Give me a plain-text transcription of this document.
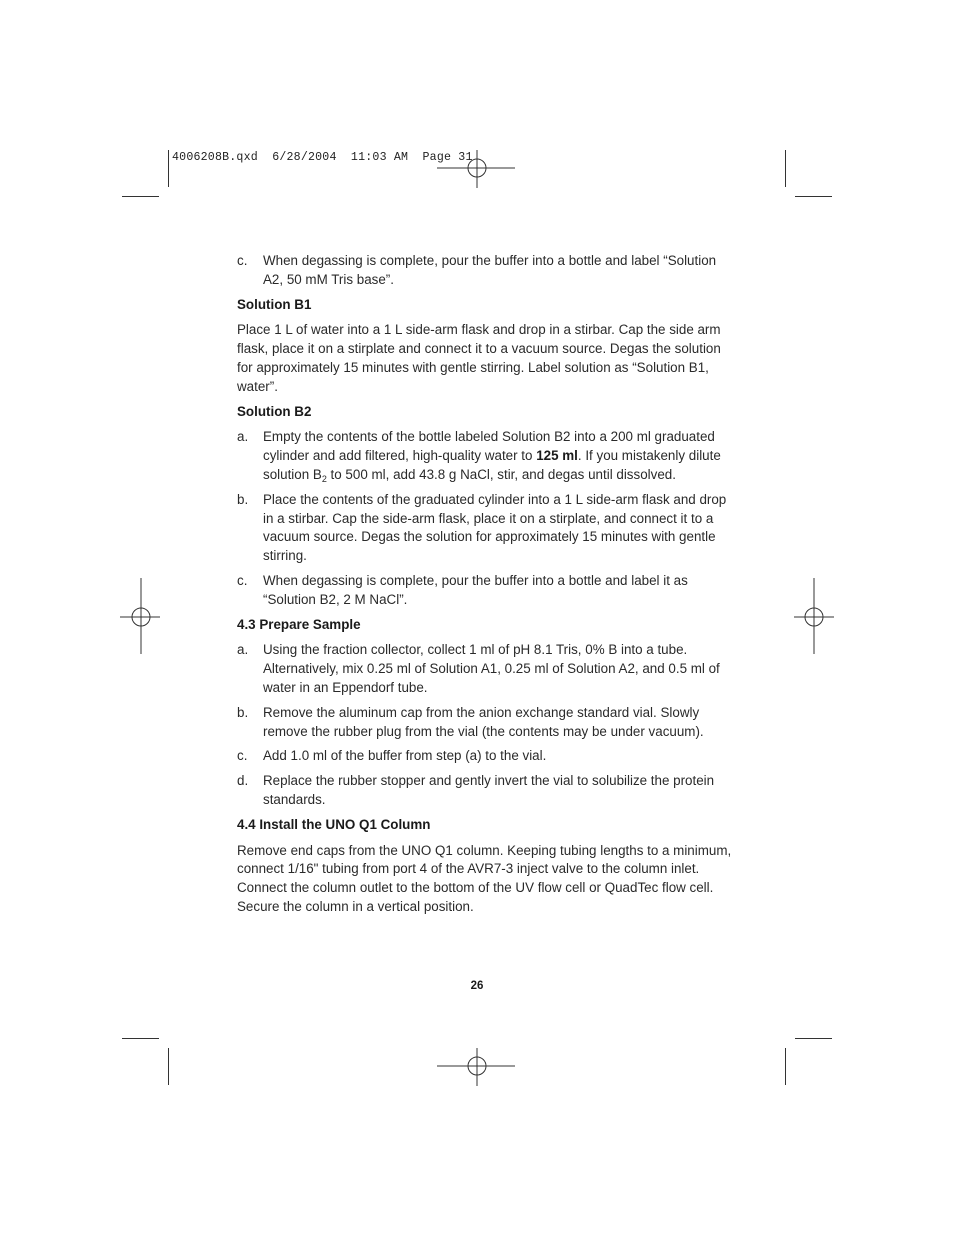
4006208B.qxd  6/28/2004  11:03 AM  Page 31
c.	When degassing is complete, pour the buffer into a bottle and label “Solution A2, 50 mM Tris base”.
Solution B1

Place 1 L of water into a 1 L side-arm flask and drop in a stirbar. Cap the side arm flask, place it on a stirplate and connect it to a vacuum source. Degas the solution for approximately 15 minutes with gentle stirring. Label solution as “Solution B1, water”.

Solution B2
a.	Empty the contents of the bottle labeled Solution B2 into a 200 ml graduated cylinder and add filtered, high-quality water to 125 ml. If you mistakenly dilute solution $B_2$ to 500 ml, add 43.8 g NaCl, stir, and degas until dissolved.
b.	Place the contents of the graduated cylinder into a 1 L side-arm flask and drop in a stirbar. Cap the side-arm flask, place it on a stirplate, and connect it to a vacuum source. Degas the solution for approximately 15 minutes with gentle stirring.
c.	When degassing is complete, pour the buffer into a bottle and label it as “Solution B2, 2 M NaCl”.
4.3 Prepare Sample
a.	Using the fraction collector, collect 1 ml of pH 8.1 Tris, 0% B into a tube. Alternatively, mix 0.25 ml of Solution A1, 0.25 ml of Solution A2, and 0.5 ml of water in an Eppendorf tube.
b.	Remove the aluminum cap from the anion exchange standard vial. Slowly remove the rubber plug from the vial (the contents may be under vacuum).
c.	Add 1.0 ml of the buffer from step (a) to the vial.
d.	Replace the rubber stopper and gently invert the vial to solubilize the protein standards.
4.4 Install the UNO Q1 Column

Remove end caps from the UNO Q1 column. Keeping tubing lengths to a minimum, connect 1/16" tubing from port 4 of the AVR7-3 inject valve to the column inlet. Connect the column outlet to the bottom of the UV flow cell or QuadTec flow cell. Secure the column in a vertical position.

26
